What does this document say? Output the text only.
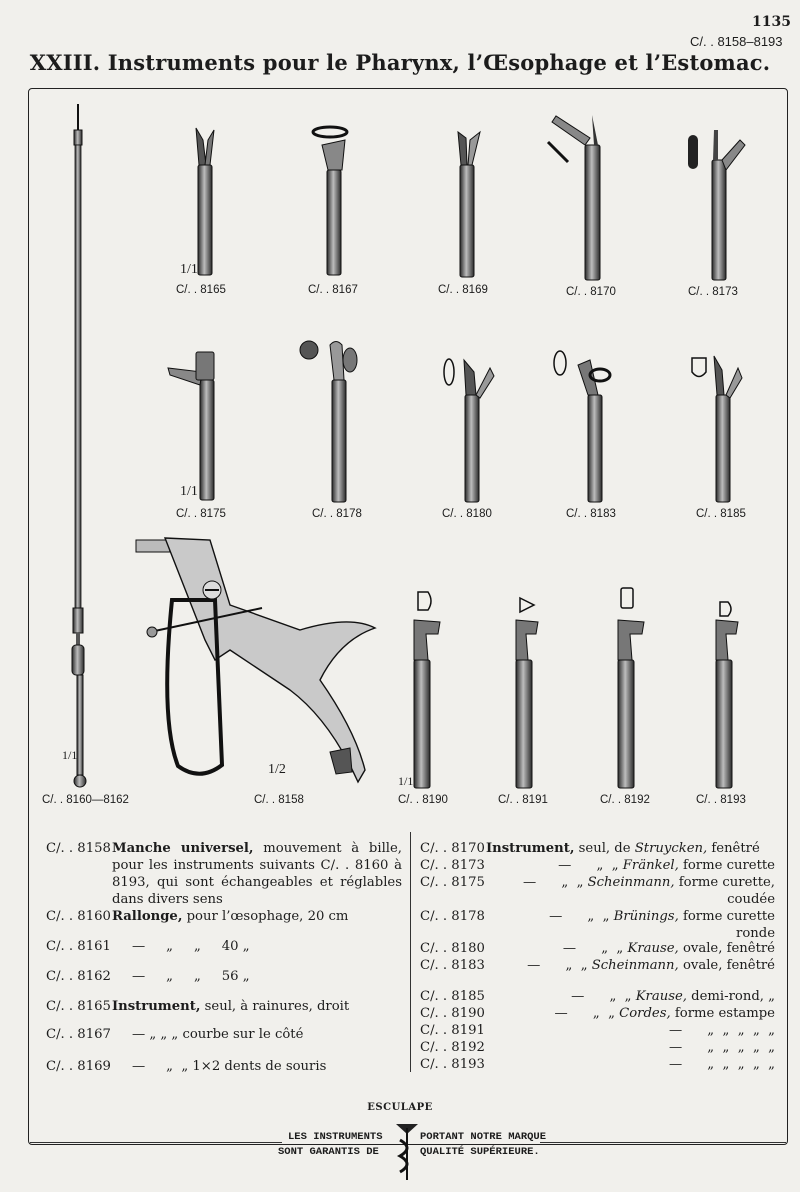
1135
C/. . 8158–8193
XXIII. Instruments pour le Pharynx, l’Œsophage et l’Estomac.
C/. . 8165	C/. . 8167	C/. . 8169	C/. . 8170	C/. . 8173
C/. . 8175	C/. . 8178	C/. . 8180	C/. . 8183	C/. . 8185
C/. . 8160—8162	C/. . 8158	C/. . 8190	C/. . 8191	C/. . 8192	C/. . 8193
1/1
1/1
1/1
1/2
1/1
C/. . 8158 Manche universel, mouvement à bille, pour les instruments suivants C/. . 8160 à 8193, qui sont échangeables et réglables dans divers sens
C/. . 8160 Rallonge, pour l’œsophage, 20 cm
C/. . 8161 —     „     „     40 „
C/. . 8162 —     „     „     56 „
C/. . 8165 Instrument, seul, à rainures, droit
C/. . 8167 — „ „ „ courbe sur le côté
C/. . 8169 —     „  „ 1×2 dents de souris
C/. . 8170 Instrument, seul, de Struycken, fenêtré
C/. . 8173	—      „  „ Fränkel, forme curette
C/. . 8175	—      „  „ Scheinmann, forme curette, coudée
C/. . 8178	—      „  „ Brünings, forme curette ronde
C/. . 8180	—      „  „ Krause, ovale, fenêtré
C/. . 8183	—      „  „ Scheinmann, ovale, fenêtré
C/. . 8185	—      „  „ Krause, demi-rond, „
C/. . 8190	—      „  „ Cordes, forme estampe
C/. . 8191	—      „  „  „  „  „
C/. . 8192	—      „  „  „  „  „
C/. . 8193	—      „  „  „  „  „
ESCULAPE
LES INSTRUMENTS	PORTANT NOTRE MARQUE
SONT GARANTIS DE	QUALITÉ SUPÉRIEURE.
